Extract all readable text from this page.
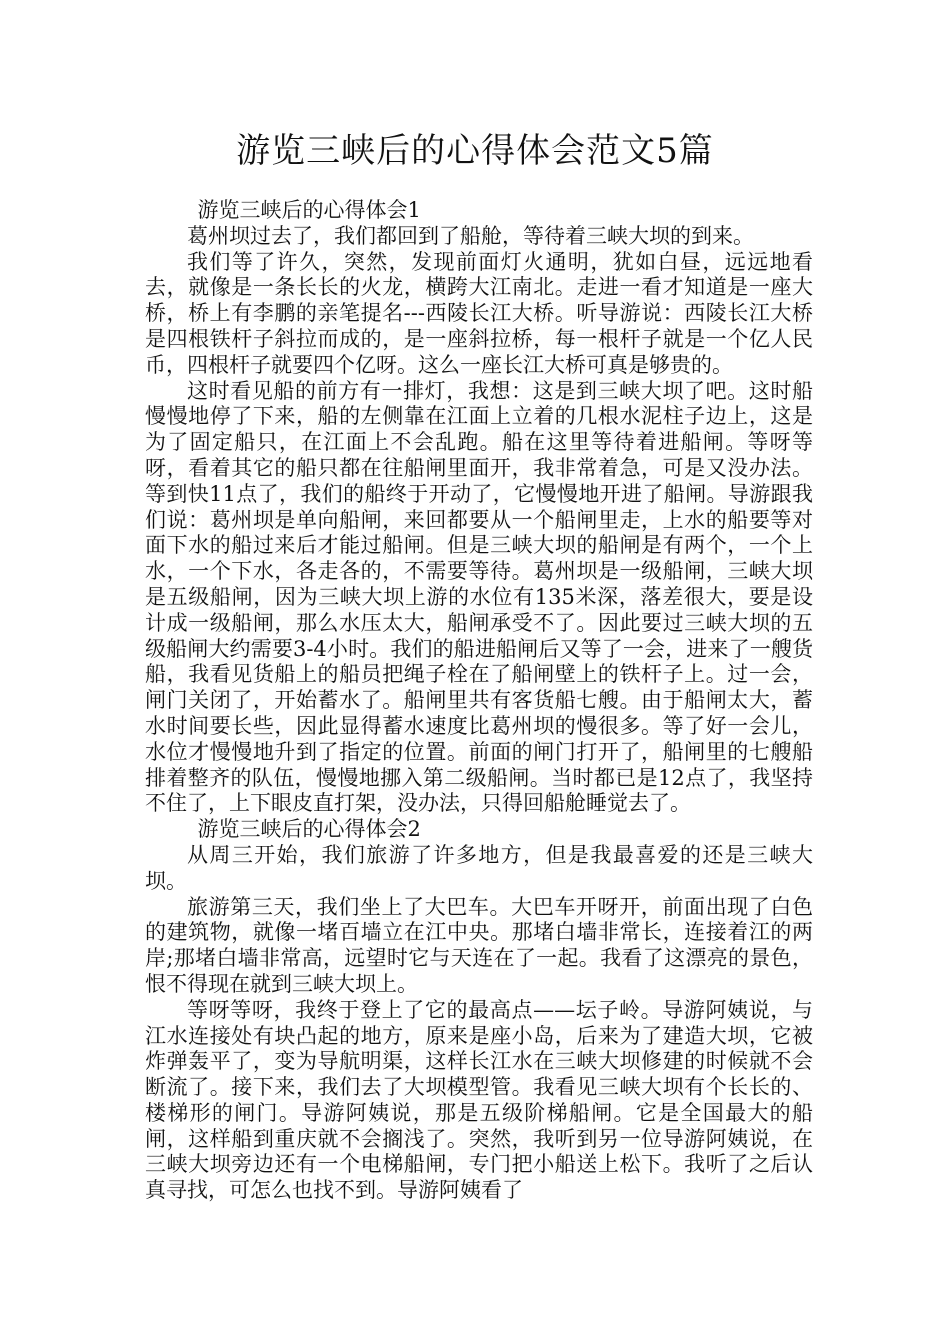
游览三峡后的心得体会范文5篇

游览三峡后的心得体会1

葛州坝过去了，我们都回到了船舱，等待着三峡大坝的到来。

我们等了许久，突然，发现前面灯火通明，犹如白昼，远远地看去，就像是一条长长的火龙，横跨大江南北。走进一看才知道是一座大桥，桥上有李鹏的亲笔提名---西陵长江大桥。听导游说：西陵长江大桥是四根铁杆子斜拉而成的，是一座斜拉桥，每一根杆子就是一个亿人民币，四根杆子就要四个亿呀。这么一座长江大桥可真是够贵的。

这时看见船的前方有一排灯，我想：这是到三峡大坝了吧。这时船慢慢地停了下来，船的左侧靠在江面上立着的几根水泥柱子边上，这是为了固定船只，在江面上不会乱跑。船在这里等待着进船闸。等呀等呀，看着其它的船只都在往船闸里面开，我非常着急，可是又没办法。等到快11点了，我们的船终于开动了，它慢慢地开进了船闸。导游跟我们说：葛州坝是单向船闸，来回都要从一个船闸里走，上水的船要等对面下水的船过来后才能过船闸。但是三峡大坝的船闸是有两个，一个上水，一个下水，各走各的，不需要等待。葛州坝是一级船闸，三峡大坝是五级船闸，因为三峡大坝上游的水位有135米深，落差很大，要是设计成一级船闸，那么水压太大，船闸承受不了。因此要过三峡大坝的五级船闸大约需要3-4小时。我们的船进船闸后又等了一会，进来了一艘货船，我看见货船上的船员把绳子栓在了船闸壁上的铁杆子上。过一会，闸门关闭了，开始蓄水了。船闸里共有客货船七艘。由于船闸太大，蓄水时间要长些，因此显得蓄水速度比葛州坝的慢很多。等了好一会儿，水位才慢慢地升到了指定的位置。前面的闸门打开了，船闸里的七艘船排着整齐的队伍，慢慢地挪入第二级船闸。当时都已是12点了，我坚持不住了，上下眼皮直打架，没办法，只得回船舱睡觉去了。

游览三峡后的心得体会2

从周三开始，我们旅游了许多地方，但是我最喜爱的还是三峡大坝。

旅游第三天，我们坐上了大巴车。大巴车开呀开，前面出现了白色的建筑物，就像一堵百墙立在江中央。那堵白墙非常长，连接着江的两岸;那堵白墙非常高，远望时它与天连在了一起。我看了这漂亮的景色，恨不得现在就到三峡大坝上。

等呀等呀，我终于登上了它的最高点——坛子岭。导游阿姨说，与江水连接处有块凸起的地方，原来是座小岛，后来为了建造大坝，它被炸弹轰平了，变为导航明渠，这样长江水在三峡大坝修建的时候就不会断流了。接下来，我们去了大坝模型管。我看见三峡大坝有个长长的、楼梯形的闸门。导游阿姨说，那是五级阶梯船闸。它是全国最大的船闸，这样船到重庆就不会搁浅了。突然，我听到另一位导游阿姨说，在三峡大坝旁边还有一个电梯船闸，专门把小船送上松下。我听了之后认真寻找，可怎么也找不到。导游阿姨看了
